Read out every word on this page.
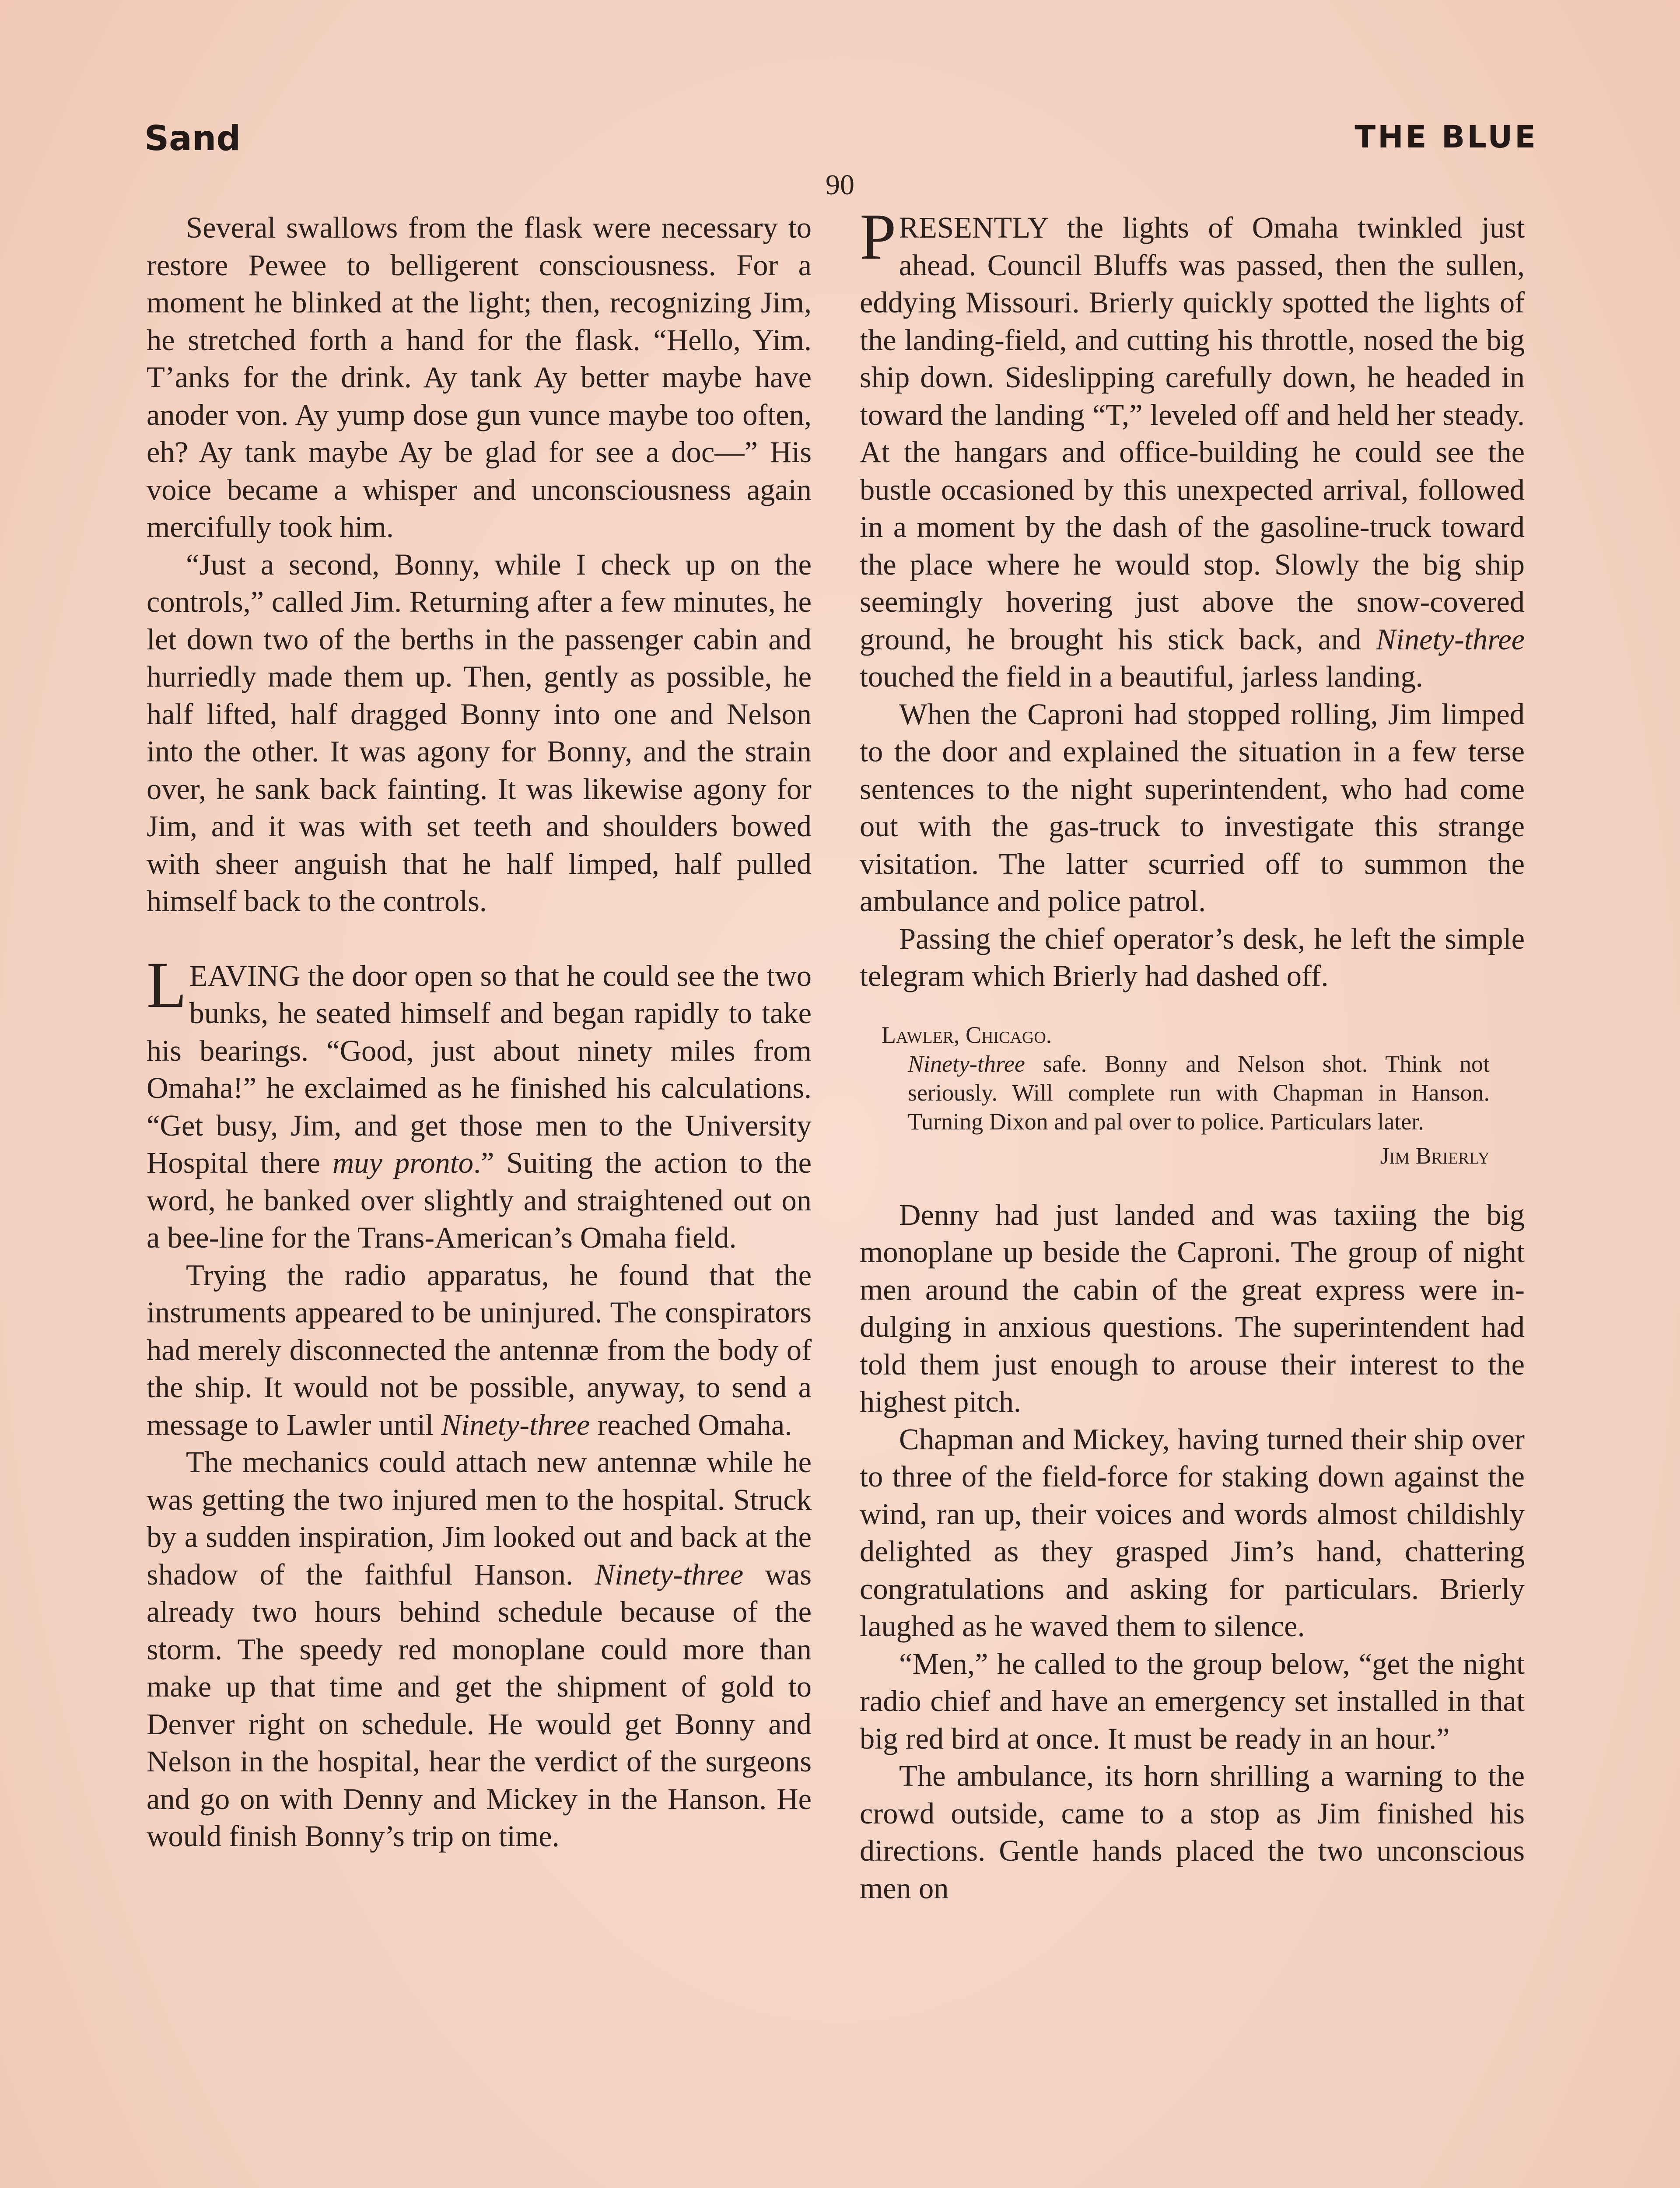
Sand	THE BLUE
90

Several swallows from the flask were necessary to restore Pewee to belligerent consciousness. For a moment he blinked at the light; then, recognizing Jim, he stretched forth a hand for the flask. “Hello, Yim. T’anks for the drink. Ay tank Ay better maybe have anoder von. Ay yump dose gun vunce maybe too often, eh? Ay tank maybe Ay be glad for see a doc—” His voice became a whisper and unconsciousness again mercifully took him.

“Just a second, Bonny, while I check up on the controls,” called Jim. Returning after a few minutes, he let down two of the berths in the passenger cabin and hurriedly made them up. Then, gently as possible, he half lifted, half dragged Bonny into one and Nelson into the other. It was agony for Bonny, and the strain over, he sank back fainting. It was likewise agony for Jim, and it was with set teeth and shoulders bowed with sheer anguish that he half limped, half pulled himself back to the controls.

LEAVING the door open so that he could see the two bunks, he seated himself and began rapidly to take his bearings. “Good, just about ninety miles from Omaha!” he exclaimed as he finished his calculations. “Get busy, Jim, and get those men to the University Hospital there muy pronto.” Suiting the action to the word, he banked over slightly and straightened out on a bee-line for the Trans-American’s Omaha field.

Trying the radio apparatus, he found that the instruments appeared to be uninjured. The conspirators had merely disconnected the antennæ from the body of the ship. It would not be possible, anyway, to send a message to Lawler until Ninety-three reached Omaha.

The mechanics could attach new antennæ while he was getting the two injured men to the hospital. Struck by a sudden inspiration, Jim looked out and back at the shadow of the faithful Hanson. Ninety-three was already two hours behind schedule because of the storm. The speedy red monoplane could more than make up that time and get the shipment of gold to Denver right on schedule. He would get Bonny and Nelson in the hospital, hear the verdict of the surgeons and go on with Denny and Mickey in the Hanson. He would finish Bonny’s trip on time.

PRESENTLY the lights of Omaha twinkled just ahead. Council Bluffs was passed, then the sullen, eddying Missouri. Brierly quickly spotted the lights of the landing-field, and cutting his throttle, nosed the big ship down. Sideslipping carefully down, he headed in toward the landing “T,” leveled off and held her steady. At the hangars and office-building he could see the bustle occasioned by this unexpected arrival, followed in a moment by the dash of the gasoline-truck toward the place where he would stop. Slowly the big ship seemingly hovering just above the snow-covered ground, he brought his stick back, and Ninety-three touched the field in a beautiful, jarless landing.

When the Caproni had stopped rolling, Jim limped to the door and explained the situation in a few terse sentences to the night superintendent, who had come out with the gas-truck to investigate this strange visitation. The latter scurried off to summon the ambulance and police patrol.

Passing the chief operator’s desk, he left the simple telegram which Brierly had dashed off.

Lawler, Chicago.

Ninety-three safe. Bonny and Nelson shot. Think not seriously. Will complete run with Chapman in Hanson. Turning Dixon and pal over to police. Particulars later.

Jim Brierly

Denny had just landed and was taxiing the big monoplane up beside the Caproni. The group of night men around the cabin of the great express were indulging in anxious questions. The superintendent had told them just enough to arouse their interest to the highest pitch.

Chapman and Mickey, having turned their ship over to three of the field-force for staking down against the wind, ran up, their voices and words almost childishly delighted as they grasped Jim’s hand, chattering congratulations and asking for particulars. Brierly laughed as he waved them to silence.

“Men,” he called to the group below, “get the night radio chief and have an emergency set installed in that big red bird at once. It must be ready in an hour.”

The ambulance, its horn shrilling a warning to the crowd outside, came to a stop as Jim finished his directions. Gentle hands placed the two unconscious men on
